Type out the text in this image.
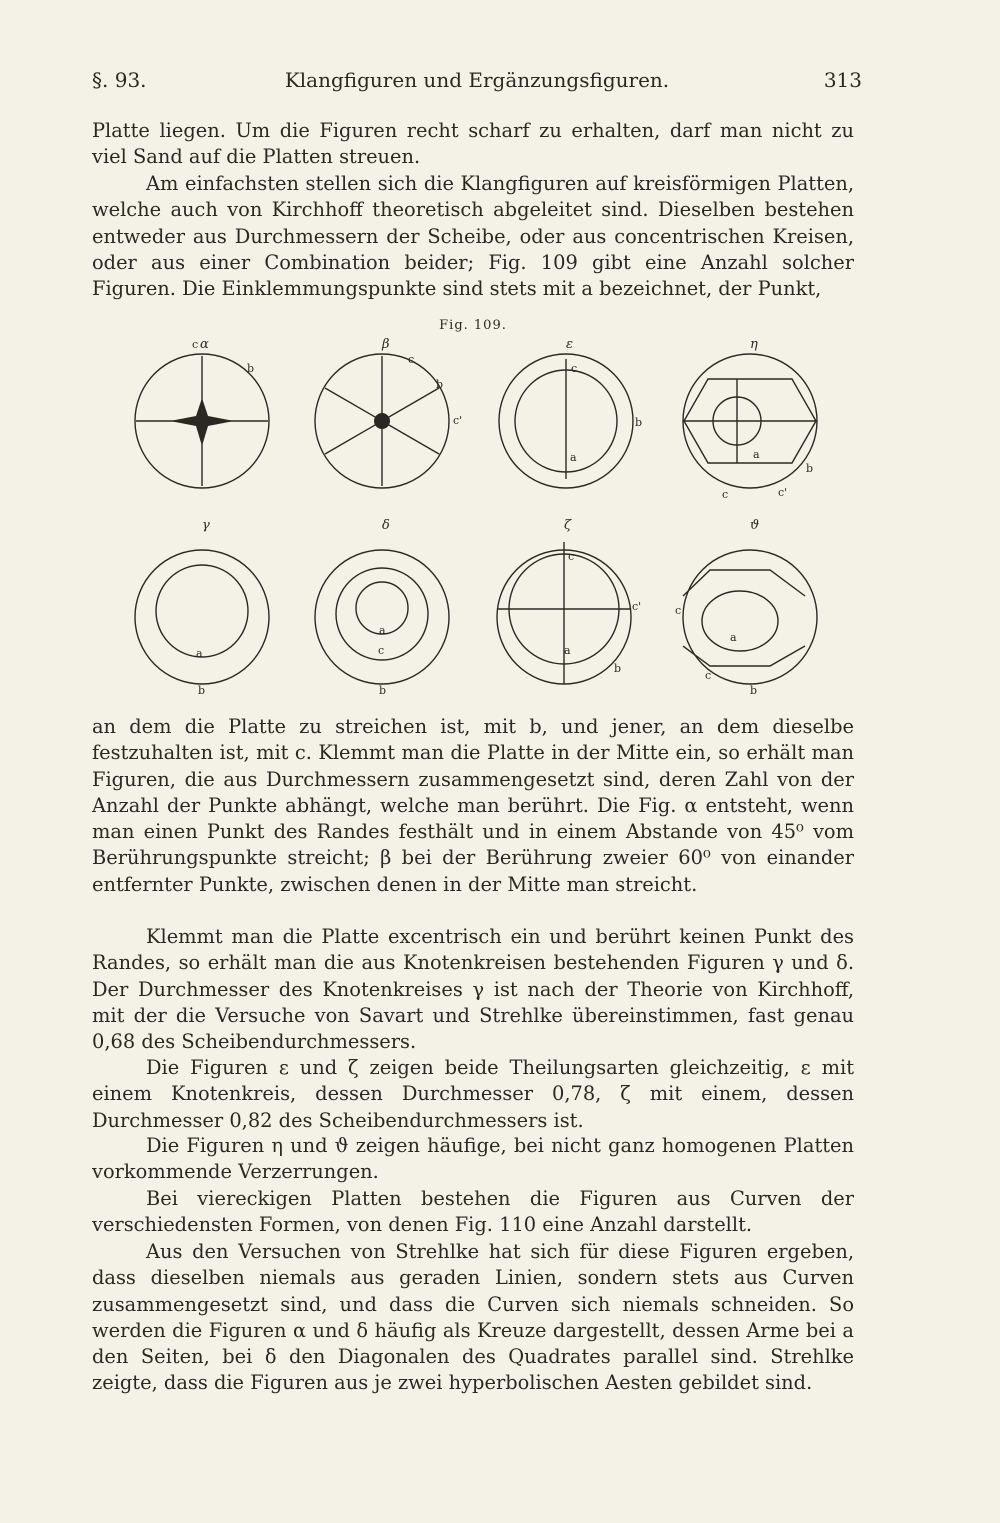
§. 93.	Klangfiguren und Ergänzungsfiguren.	313

Platte liegen. Um die Figuren recht scharf zu erhalten, darf man nicht zu viel Sand auf die Platten streuen.

Am einfachsten stellen sich die Klangfiguren auf kreisförmigen Platten, welche auch von Kirchhoff theoretisch abgeleitet sind. Dieselben bestehen entweder aus Durchmessern der Scheibe, oder aus concentrischen Kreisen, oder aus einer Combination beider; Fig. 109 gibt eine Anzahl solcher Figuren. Die Einklemmungspunkte sind stets mit a bezeichnet, der Punkt,

Fig. 109.
α
c
b
a
β
c
b
c'
a
ε
c
b
a
η
a
b
c	c'
γ
a
b
δ
a
c
b
ζ
c
c'
a
b
ϑ
c
a
c
b

an dem die Platte zu streichen ist, mit b, und jener, an dem dieselbe festzuhalten ist, mit c. Klemmt man die Platte in der Mitte ein, so erhält man Figuren, die aus Durchmessern zusammengesetzt sind, deren Zahl von der Anzahl der Punkte abhängt, welche man berührt. Die Fig. α entsteht, wenn man einen Punkt des Randes festhält und in einem Abstande von 45⁰ vom Berührungspunkte streicht; β bei der Berührung zweier 60⁰ von einander entfernter Punkte, zwischen denen in der Mitte man streicht.

Klemmt man die Platte excentrisch ein und berührt keinen Punkt des Randes, so erhält man die aus Knotenkreisen bestehenden Figuren γ und δ. Der Durchmesser des Knotenkreises γ ist nach der Theorie von Kirchhoff, mit der die Versuche von Savart und Strehlke übereinstimmen, fast genau 0,68 des Scheibendurchmessers.

Die Figuren ε und ζ zeigen beide Theilungsarten gleichzeitig, ε mit einem Knotenkreis, dessen Durchmesser 0,78, ζ mit einem, dessen Durchmesser 0,82 des Scheibendurchmessers ist.

Die Figuren η und ϑ zeigen häufige, bei nicht ganz homogenen Platten vorkommende Verzerrungen.

Bei viereckigen Platten bestehen die Figuren aus Curven der verschiedensten Formen, von denen Fig. 110 eine Anzahl darstellt.

Aus den Versuchen von Strehlke hat sich für diese Figuren ergeben, dass dieselben niemals aus geraden Linien, sondern stets aus Curven zusammengesetzt sind, und dass die Curven sich niemals schneiden. So werden die Figuren α und δ häufig als Kreuze dargestellt, dessen Arme bei a den Seiten, bei δ den Diagonalen des Quadrates parallel sind. Strehlke zeigte, dass die Figuren aus je zwei hyperbolischen Aesten gebildet sind.
